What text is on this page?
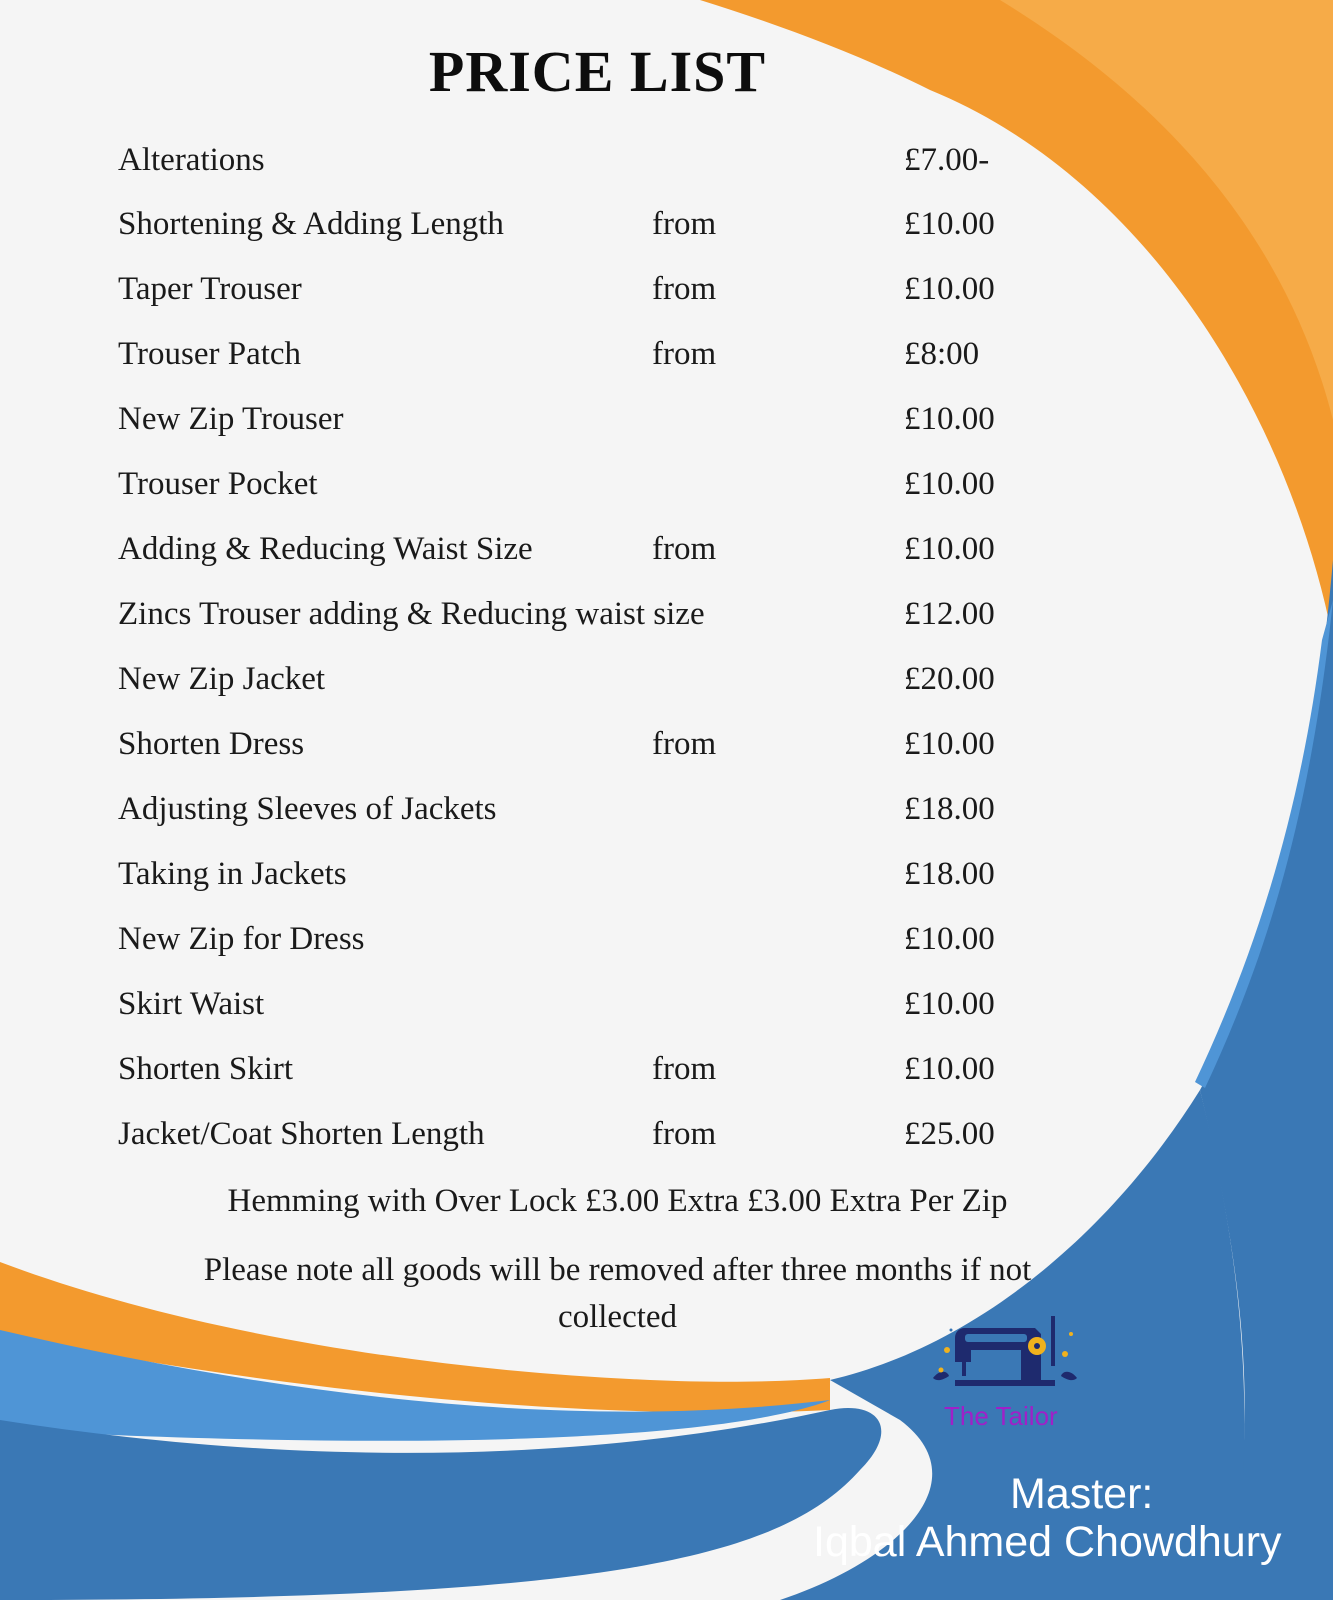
PRICE LIST
Alterations	£7.00-
Shortening & Adding Length	from	£10.00
Taper Trouser	from	£10.00
Trouser Patch	from	£8:00
New Zip Trouser	£10.00
Trouser Pocket	£10.00
Adding & Reducing Waist Size	from	£10.00
Zincs Trouser adding & Reducing waist size	£12.00
New Zip Jacket	£20.00
Shorten Dress	from	£10.00
Adjusting Sleeves of Jackets	£18.00
Taking in Jackets	£18.00
New Zip for Dress	£10.00
Skirt Waist	£10.00
Shorten Skirt	from	£10.00
Jacket/Coat Shorten Length	from	£25.00
Hemming with Over Lock £3.00 Extra £3.00 Extra Per Zip
Please note all goods will be removed after three months if not collected
The Tailor
Master:
Iqbal Ahmed Chowdhury
